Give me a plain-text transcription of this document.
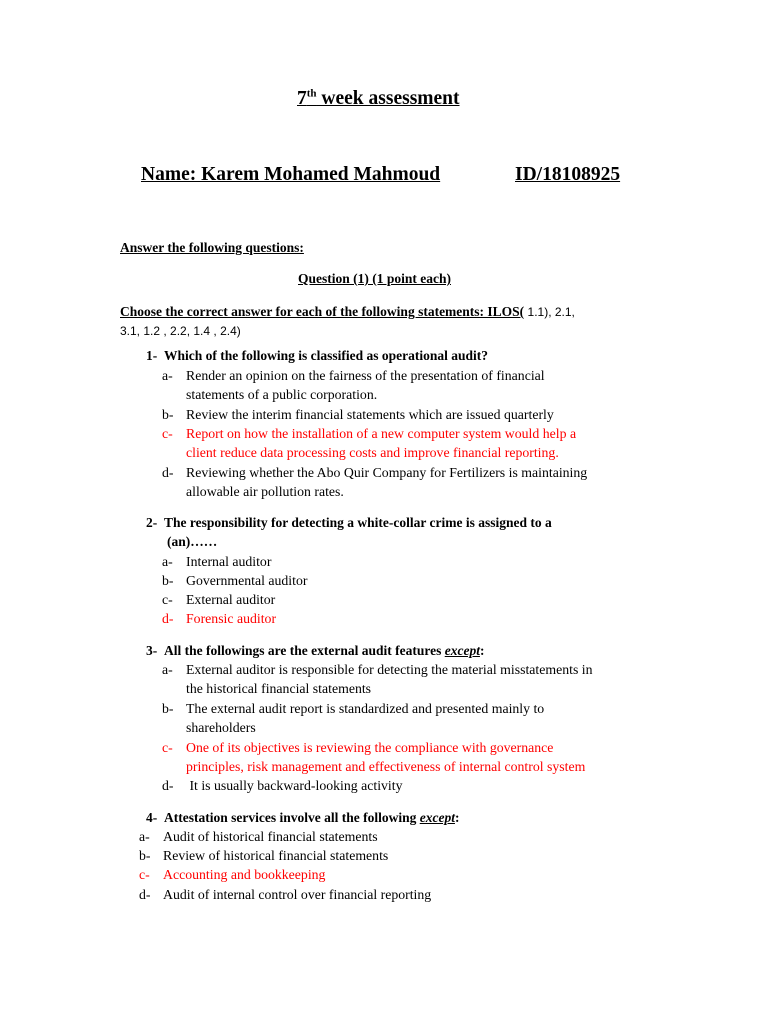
7th week assessment
Name: Karem Mohamed Mahmoud	ID/18108925
Answer the following questions:
Question (1) (1 point each)
Choose the correct answer for each of the following statements: ILOS( 1.1), 2.1,
3.1, 1.2 , 2.2, 1.4 , 2.4)
1- Which of the following is classified as operational audit?
a- Render an opinion on the fairness of the presentation of financial
statements of a public corporation.
b- Review the interim financial statements which are issued quarterly
c- Report on how the installation of a new computer system would help a
client reduce data processing costs and improve financial reporting.
d- Reviewing whether the Abo Quir Company for Fertilizers is maintaining
allowable air pollution rates.
2- The responsibility for detecting a white-collar crime is assigned to a
(an)……
a- Internal auditor
b- Governmental auditor
c- External auditor
d- Forensic auditor
3- All the followings are the external audit features except:
a- External auditor is responsible for detecting the material misstatements in
the historical financial statements
b- The external audit report is standardized and presented mainly to
shareholders
c- One of its objectives is reviewing the compliance with governance
principles, risk management and effectiveness of internal control system
d- It is usually backward-looking activity
4- Attestation services involve all the following except:
a- Audit of historical financial statements
b- Review of historical financial statements
c- Accounting and bookkeeping
d- Audit of internal control over financial reporting
